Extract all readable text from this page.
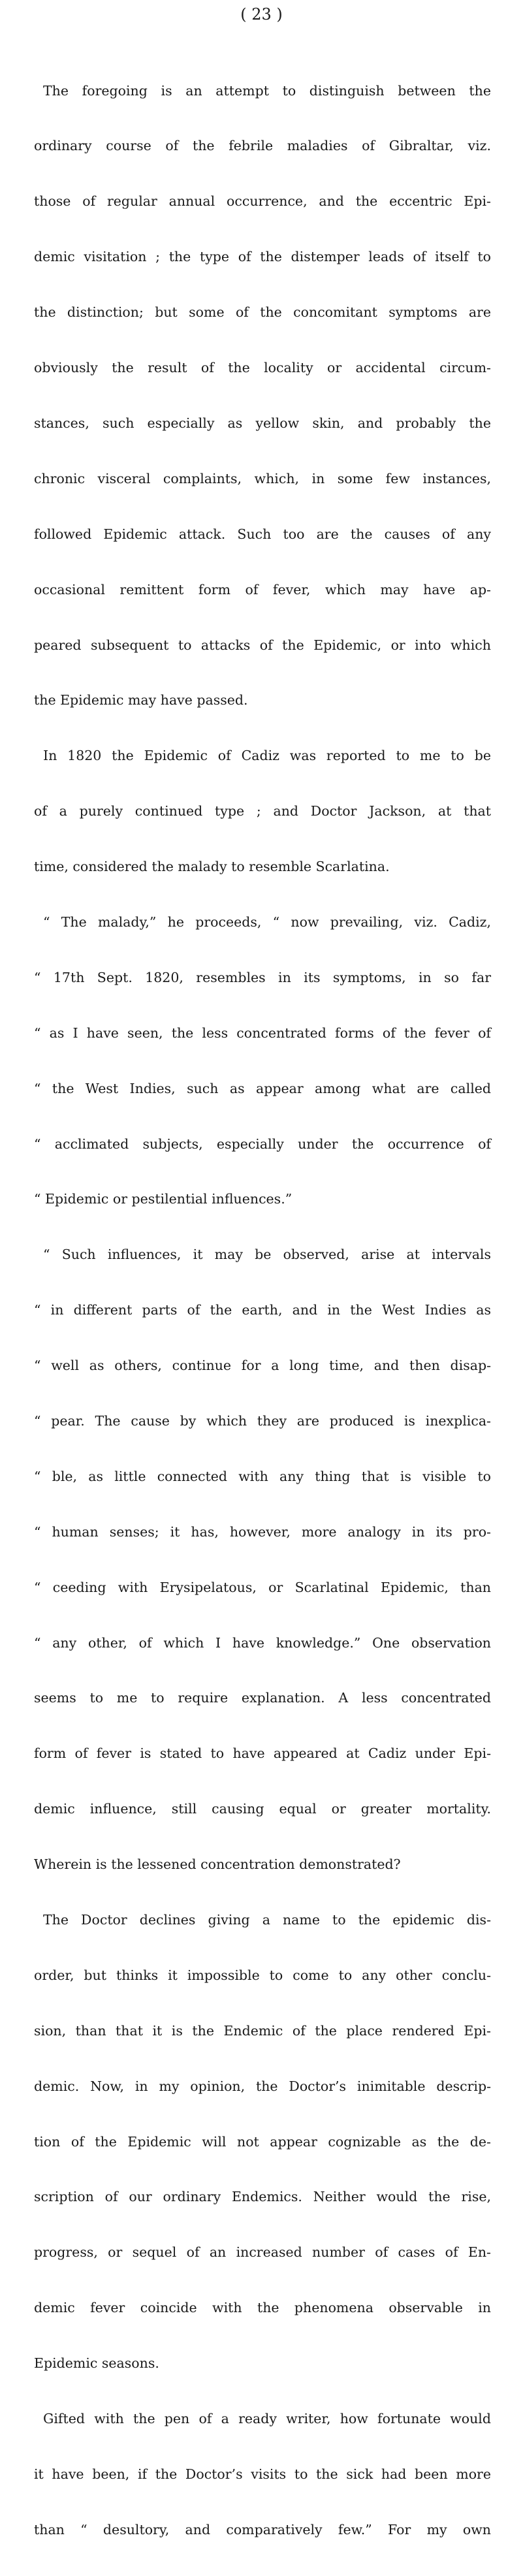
( 23 )

The foregoing is an attempt to distinguish between the

ordinary course of the febrile maladies of Gibraltar, viz.

those of regular annual occurrence, and the eccentric Epi-

demic visitation ; the type of the distemper leads of itself to

the distinction; but some of the concomitant symptoms are

obviously the result of the locality or accidental circum-

stances, such especially as yellow skin, and probably the

chronic visceral complaints, which, in some few instances,

followed Epidemic attack. Such too are the causes of any

occasional remittent form of fever, which may have ap-

peared subsequent to attacks of the Epidemic, or into which

the Epidemic may have passed.

In 1820 the Epidemic of Cadiz was reported to me to be

of a purely continued type ; and Doctor Jackson, at that

time, considered the malady to resemble Scarlatina.

“ The malady,” he proceeds, “ now prevailing, viz. Cadiz,

“ 17th Sept. 1820, resembles in its symptoms, in so far

“ as I have seen, the less concentrated forms of the fever of

“ the West Indies, such as appear among what are called

“ acclimated subjects, especially under the occurrence of

“ Epidemic or pestilential influences.”

“ Such influences, it may be observed, arise at intervals

“ in different parts of the earth, and in the West Indies as

“ well as others, continue for a long time, and then disap-

“ pear. The cause by which they are produced is inexplica-

“ ble, as little connected with any thing that is visible to

“ human senses; it has, however, more analogy in its pro-

“ ceeding with Erysipelatous, or Scarlatinal Epidemic, than

“ any other, of which I have knowledge.” One observation

seems to me to require explanation. A less concentrated

form of fever is stated to have appeared at Cadiz under Epi-

demic influence, still causing equal or greater mortality.

Wherein is the lessened concentration demonstrated?

The Doctor declines giving a name to the epidemic dis-

order, but thinks it impossible to come to any other conclu-

sion, than that it is the Endemic of the place rendered Epi-

demic. Now, in my opinion, the Doctor’s inimitable descrip-

tion of the Epidemic will not appear cognizable as the de-

scription of our ordinary Endemics. Neither would the rise,

progress, or sequel of an increased number of cases of En-

demic fever coincide with the phenomena observable in

Epidemic seasons.

Gifted with the pen of a ready writer, how fortunate would

it have been, if the Doctor’s visits to the sick had been more

than “ desultory, and comparatively few.” For my own
